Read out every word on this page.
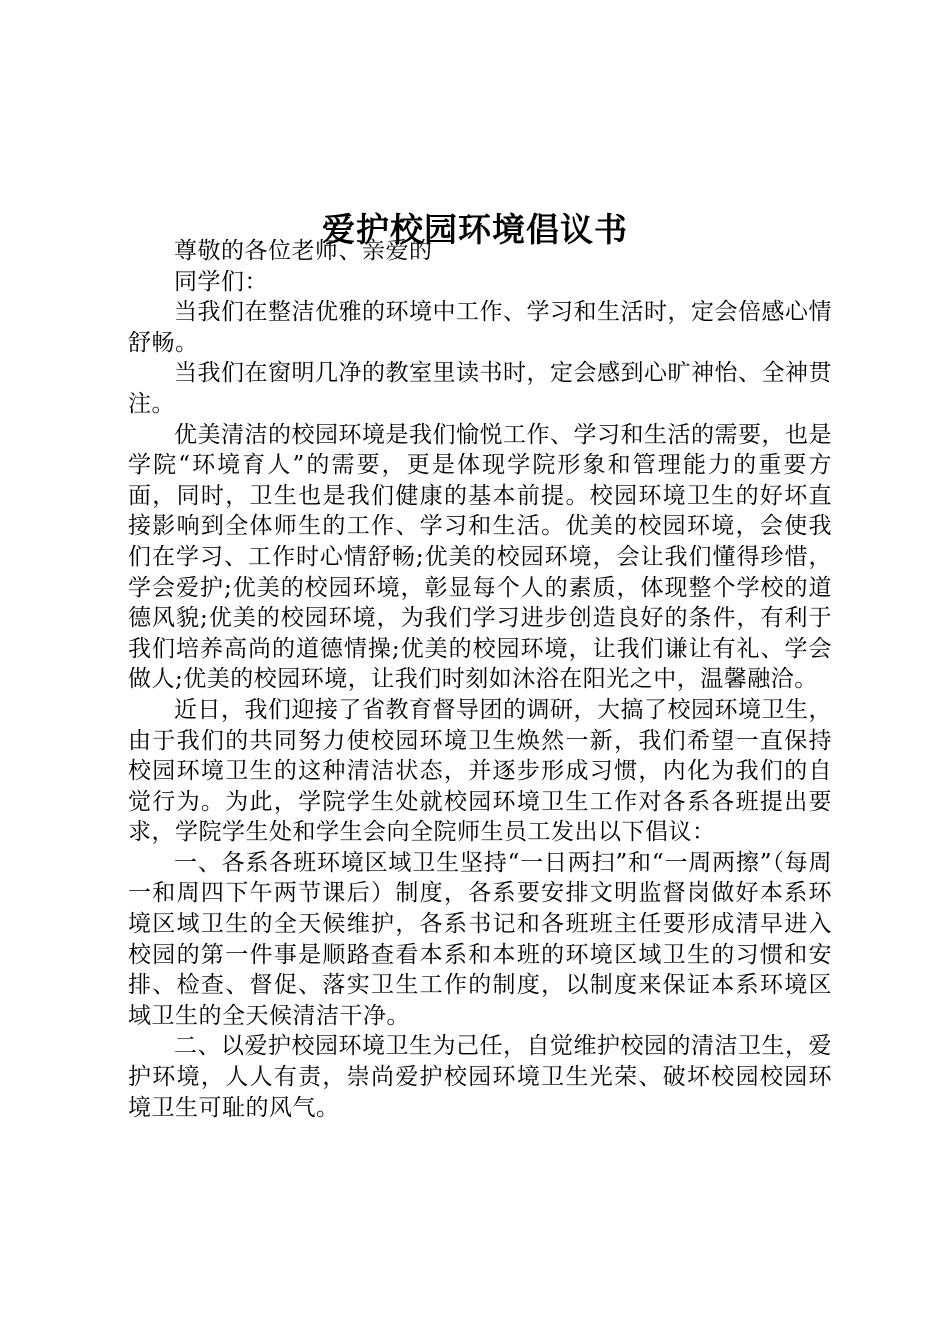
爱护校园环境倡议书

尊敬的各位老师、亲爱的

同学们：

当我们在整洁优雅的环境中工作、学习和生活时，定会倍感心情舒畅。

当我们在窗明几净的教室里读书时，定会感到心旷神怡、全神贯注。

优美清洁的校园环境是我们愉悦工作、学习和生活的需要，也是学院“环境育人”的需要，更是体现学院形象和管理能力的重要方面，同时，卫生也是我们健康的基本前提。校园环境卫生的好坏直接影响到全体师生的工作、学习和生活。优美的校园环境，会使我们在学习、工作时心情舒畅;优美的校园环境，会让我们懂得珍惜，学会爱护;优美的校园环境，彰显每个人的素质，体现整个学校的道德风貌;优美的校园环境，为我们学习进步创造良好的条件，有利于我们培养高尚的道德情操;优美的校园环境，让我们谦让有礼、学会做人;优美的校园环境，让我们时刻如沐浴在阳光之中，温馨融洽。

近日，我们迎接了省教育督导团的调研，大搞了校园环境卫生，由于我们的共同努力使校园环境卫生焕然一新，我们希望一直保持校园环境卫生的这种清洁状态，并逐步形成习惯，内化为我们的自觉行为。为此，学院学生处就校园环境卫生工作对各系各班提出要求，学院学生处和学生会向全院师生员工发出以下倡议：

一、各系各班环境区域卫生坚持“一日两扫”和“一周两擦”（每周一和周四下午两节课后）制度，各系要安排文明监督岗做好本系环境区域卫生的全天候维护，各系书记和各班班主任要形成清早进入校园的第一件事是顺路查看本系和本班的环境区域卫生的习惯和安排、检查、督促、落实卫生工作的制度，以制度来保证本系环境区域卫生的全天候清洁干净。

二、以爱护校园环境卫生为己任，自觉维护校园的清洁卫生，爱护环境，人人有责，崇尚爱护校园环境卫生光荣、破坏校园校园环境卫生可耻的风气。
